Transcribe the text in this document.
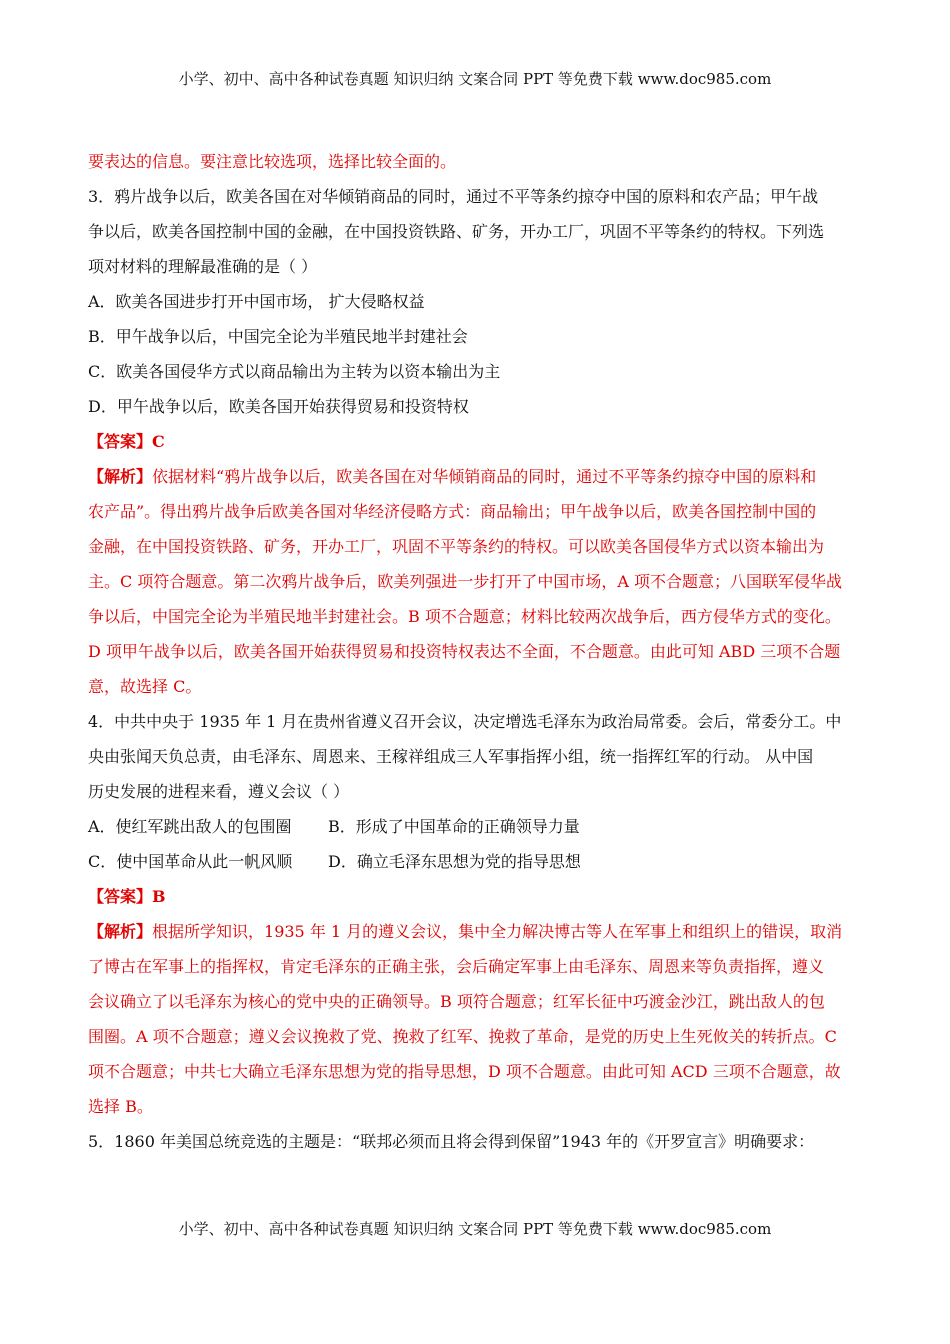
小学、初中、高中各种试卷真题 知识归纳 文案合同 PPT 等免费下载 www.doc985.com
要表达的信息。要注意比较选项，选择比较全面的。
3．鸦片战争以后，欧美各国在对华倾销商品的同时，通过不平等条约掠夺中国的原料和农产品；甲午战
争以后，欧美各国控制中国的金融，在中国投资铁路、矿务，开办工厂，巩固不平等条约的特权。下列选
项对材料的理解最准确的是（ ）
A．欧美各国进步打开中国市场， 扩大侵略权益
B．甲午战争以后，中国完全论为半殖民地半封建社会
C．欧美各国侵华方式以商品输出为主转为以资本输出为主
D．甲午战争以后，欧美各国开始获得贸易和投资特权
【答案】C
【解析】依据材料“鸦片战争以后，欧美各国在对华倾销商品的同时，通过不平等条约掠夺中国的原料和
农产品”。得出鸦片战争后欧美各国对华经济侵略方式：商品输出；甲午战争以后，欧美各国控制中国的
金融，在中国投资铁路、矿务，开办工厂，巩固不平等条约的特权。可以欧美各国侵华方式以资本输出为
主。C 项符合题意。第二次鸦片战争后，欧美列强进一步打开了中国市场，A 项不合题意；八国联军侵华战
争以后，中国完全论为半殖民地半封建社会。B 项不合题意；材料比较两次战争后，西方侵华方式的变化。
D 项甲午战争以后，欧美各国开始获得贸易和投资特权表达不全面，不合题意。由此可知 ABD 三项不合题
意，故选择 C。
4．中共中央于 1935 年 1 月在贵州省遵义召开会议，决定增选毛泽东为政治局常委。会后，常委分工。中
央由张闻天负总责，由毛泽东、周恩来、王稼祥组成三人军事指挥小组，统一指挥红军的行动。 从中国
历史发展的进程来看，遵义会议（ ）
A．使红军跳出敌人的包围圈	B．形成了中国革命的正确领导力量
C．使中国革命从此一帆风顺	D．确立毛泽东思想为党的指导思想
【答案】B
【解析】根据所学知识，1935 年 1 月的遵义会议，集中全力解决博古等人在军事上和组织上的错误，取消
了博古在军事上的指挥权，肯定毛泽东的正确主张，会后确定军事上由毛泽东、周恩来等负责指挥，遵义
会议确立了以毛泽东为核心的党中央的正确领导。B 项符合题意；红军长征中巧渡金沙江，跳出敌人的包
围圈。A 项不合题意；遵义会议挽救了党、挽救了红军、挽救了革命，是党的历史上生死攸关的转折点。C
项不合题意；中共七大确立毛泽东思想为党的指导思想，D 项不合题意。由此可知 ACD 三项不合题意，故
选择 B。
5．1860 年美国总统竞选的主题是：“联邦必须而且将会得到保留”1943 年的《开罗宣言》明确要求：
小学、初中、高中各种试卷真题 知识归纳 文案合同 PPT 等免费下载 www.doc985.com
